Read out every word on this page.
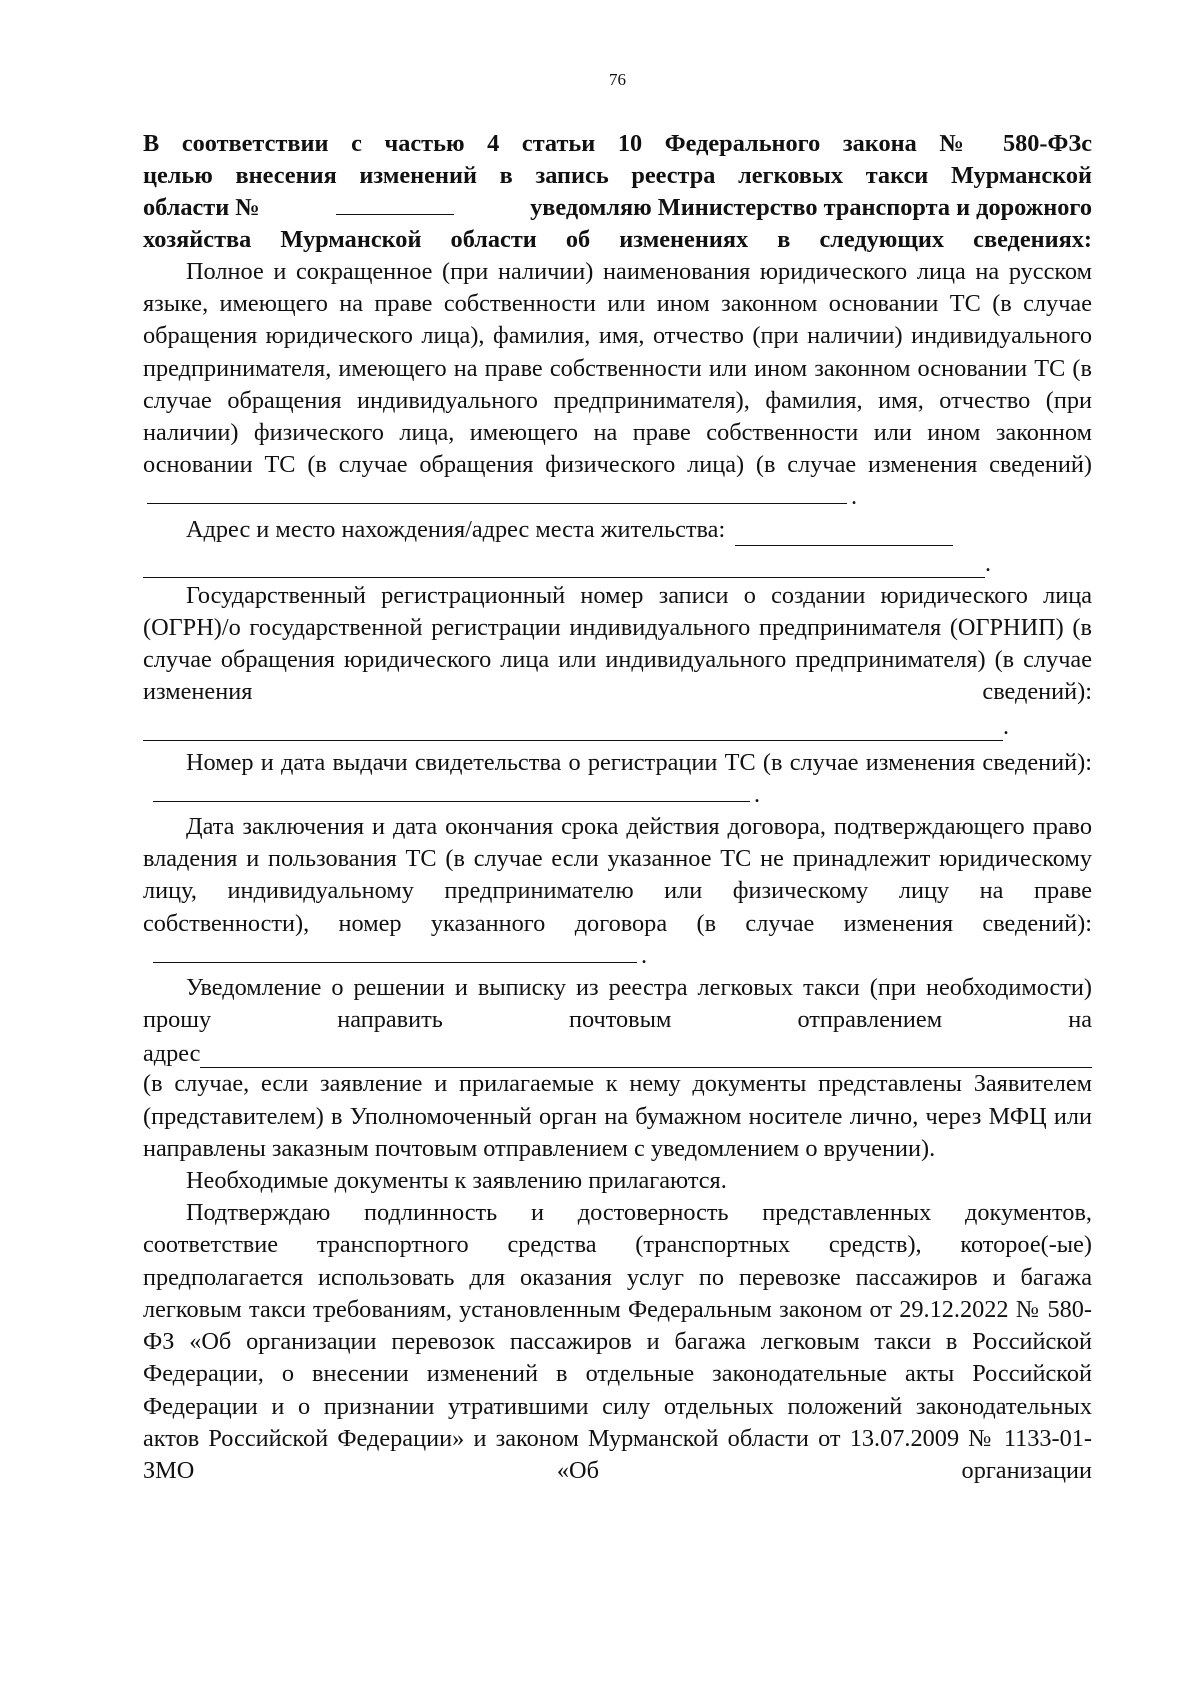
76
В соответствии с частью 4 статьи 10 Федерального закона № 580-ФЗс
целью внесения изменений в запись реестра легковых такси Мурманской
области №	уведомляю Министерство транспорта и дорожного
хозяйства Мурманской области об изменениях в следующих сведениях:

Полное и сокращенное (при наличии) наименования юридического лица на русском языке, имеющего на праве собственности или ином законном основании ТС (в случае обращения юридического лица), фамилия, имя, отчество (при наличии) индивидуального предпринимателя, имеющего на праве собственности или ином законном основании ТС (в случае обращения индивидуального предпринимателя), фамилия, имя, отчество (при наличии) физического лица, имеющего на праве собственности или ином законном основании ТС (в случае обращения физического лица) (в случае изменения сведений).

Адрес и место нахождения/адрес места жительства:

.

Государственный регистрационный номер записи о создании юридического лица (ОГРН)/о государственной регистрации индивидуального предпринимателя (ОГРНИП) (в случае обращения юридического лица или индивидуального предпринимателя) (в случае изменения сведений):

.

Номер и дата выдачи свидетельства о регистрации ТС (в случае изменения сведений):.

Дата заключения и дата окончания срока действия договора, подтверждающего право владения и пользования ТС (в случае если указанное ТС не принадлежит юридическому лицу, индивидуальному предпринимателю или физическому лицу на праве собственности), номер указанного договора (в случае изменения сведений):.

Уведомление о решении и выписку из реестра легковых такси (при необходимости) прошу направить почтовым отправлением на

адрес

(в случае, если заявление и прилагаемые к нему документы представлены Заявителем (представителем) в Уполномоченный орган на бумажном носителе лично, через МФЦ или направлены заказным почтовым отправлением с уведомлением о вручении).

Необходимые документы к заявлению прилагаются.

Подтверждаю подлинность и достоверность представленных документов, соответствие транспортного средства (транспортных средств), которое(-ые) предполагается использовать для оказания услуг по перевозке пассажиров и багажа легковым такси требованиям, установленным Федеральным законом от 29.12.2022 № 580-ФЗ «Об организации перевозок пассажиров и багажа легковым такси в Российской Федерации, о внесении изменений в отдельные законодательные акты Российской Федерации и о признании утратившими силу отдельных положений законодательных актов Российской Федерации» и законом Мурманской области от 13.07.2009 № 1133-01-ЗМО «Об организации
